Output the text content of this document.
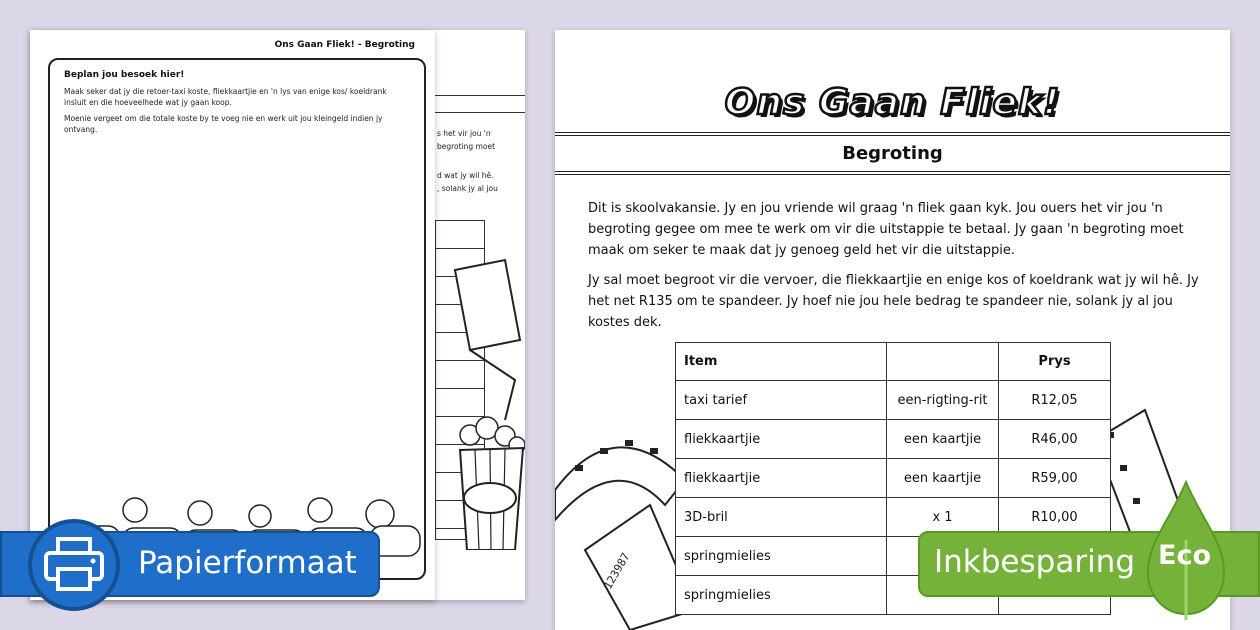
s het vir jou 'n
begroting moet
d wat jy wil hê.
, solank jy al jou
Ons Gaan Fliek! - Begroting
Beplan jou besoek hier!

Maak seker dat jy die retoer-taxi koste, fliekkaartjie en 'n lys van enige kos/ koeldrank insluit en die hoeveelhede wat jy gaan koop.

Moenie vergeet om die totale koste by te voeg nie en werk uit jou kleingeld indien jy ontvang.

Ons Gaan Fliek!
Begroting

Dit is skoolvakansie. Jy en jou vriende wil graag 'n fliek gaan kyk. Jou ouers het vir jou 'n begroting gegee om mee te werk om vir die uitstappie te betaal. Jy gaan 'n begroting moet maak om seker te maak dat jy genoeg geld het vir die uitstappie.

Jy sal moet begroot vir die vervoer, die fliekkaartjie en enige kos of koeldrank wat jy wil hê. Jy het net R135 om te spandeer. Jy hoef nie jou hele bedrag te spandeer nie, solank jy al jou kostes dek.

123987
Item		Prys
taxi tarief	een-rigting-rit	R12,05
fliekkaartjie	een kaartjie	R46,00
fliekkaartjie	een kaartjie	R59,00
3D-bril	x 1	R10,00
springmielies		
springmielies		
Papierformaat	Inkbesparing Eco
